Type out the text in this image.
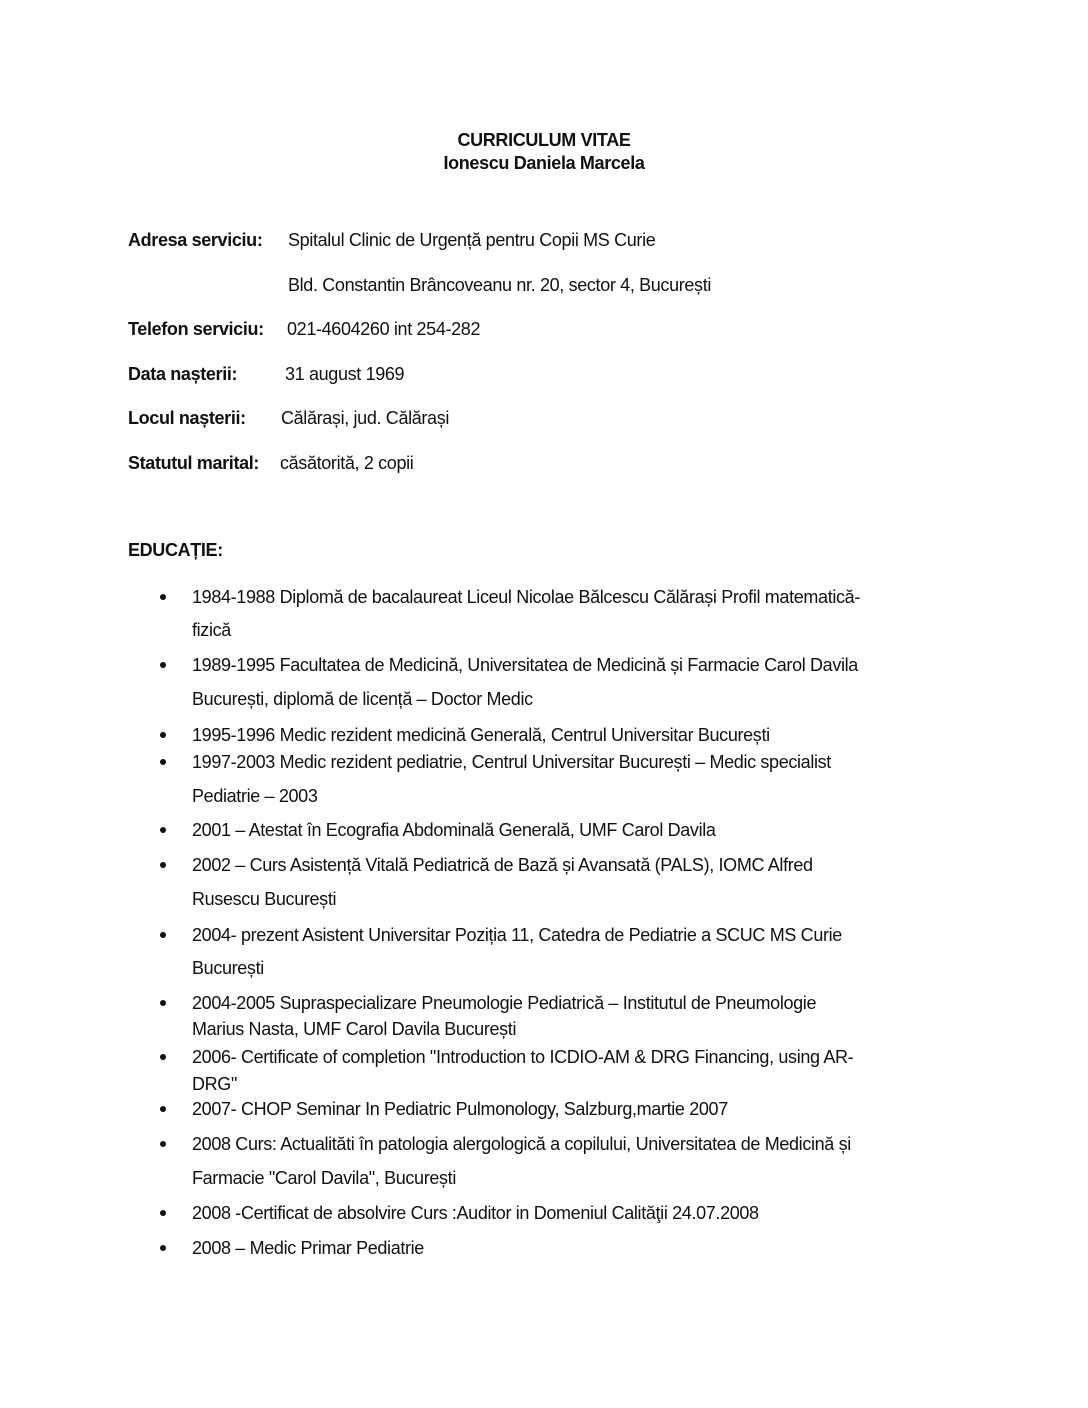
CURRICULUM VITAE
Ionescu Daniela Marcela
Adresa serviciu: Spitalul Clinic de Urgență pentru Copii MS Curie
Bld. Constantin Brâncoveanu nr. 20, sector 4, București
Telefon serviciu: 021-4604260 int 254-282
Data nașterii:	31 august 1969
Locul nașterii: Călărași, jud. Călărași
Statutul marital: căsătorită, 2 copii
EDUCAȚIE:
1984-1988 Diplomă de bacalaureat Liceul Nicolae Bălcescu Călărași Profil matematică-
fizică
1989-1995 Facultatea de Medicină, Universitatea de Medicină și Farmacie Carol Davila
București, diplomă de licență – Doctor Medic
1995-1996 Medic rezident medicină Generală, Centrul Universitar București
1997-2003 Medic rezident pediatrie, Centrul Universitar București – Medic specialist
Pediatrie – 2003
2001 – Atestat în Ecografia Abdominală Generală, UMF Carol Davila
2002 – Curs Asistență Vitală Pediatrică de Bază și Avansată (PALS), IOMC Alfred
Rusescu București
2004- prezent Asistent Universitar Poziția 11, Catedra de Pediatrie a SCUC MS Curie
București
2004-2005 Supraspecializare Pneumologie Pediatrică – Institutul de Pneumologie
Marius Nasta, UMF Carol Davila București
2006- Certificate of completion "Introduction to ICDIO-AM & DRG Financing, using AR-
DRG"
2007- CHOP Seminar In Pediatric Pulmonology, Salzburg,martie 2007
2008 Curs: Actualităti în patologia alergologică a copilului, Universitatea de Medicină și
Farmacie "Carol Davila", București
2008 -Certificat de absolvire Curs :Auditor in Domeniul Calităţii 24.07.2008
2008 – Medic Primar Pediatrie
